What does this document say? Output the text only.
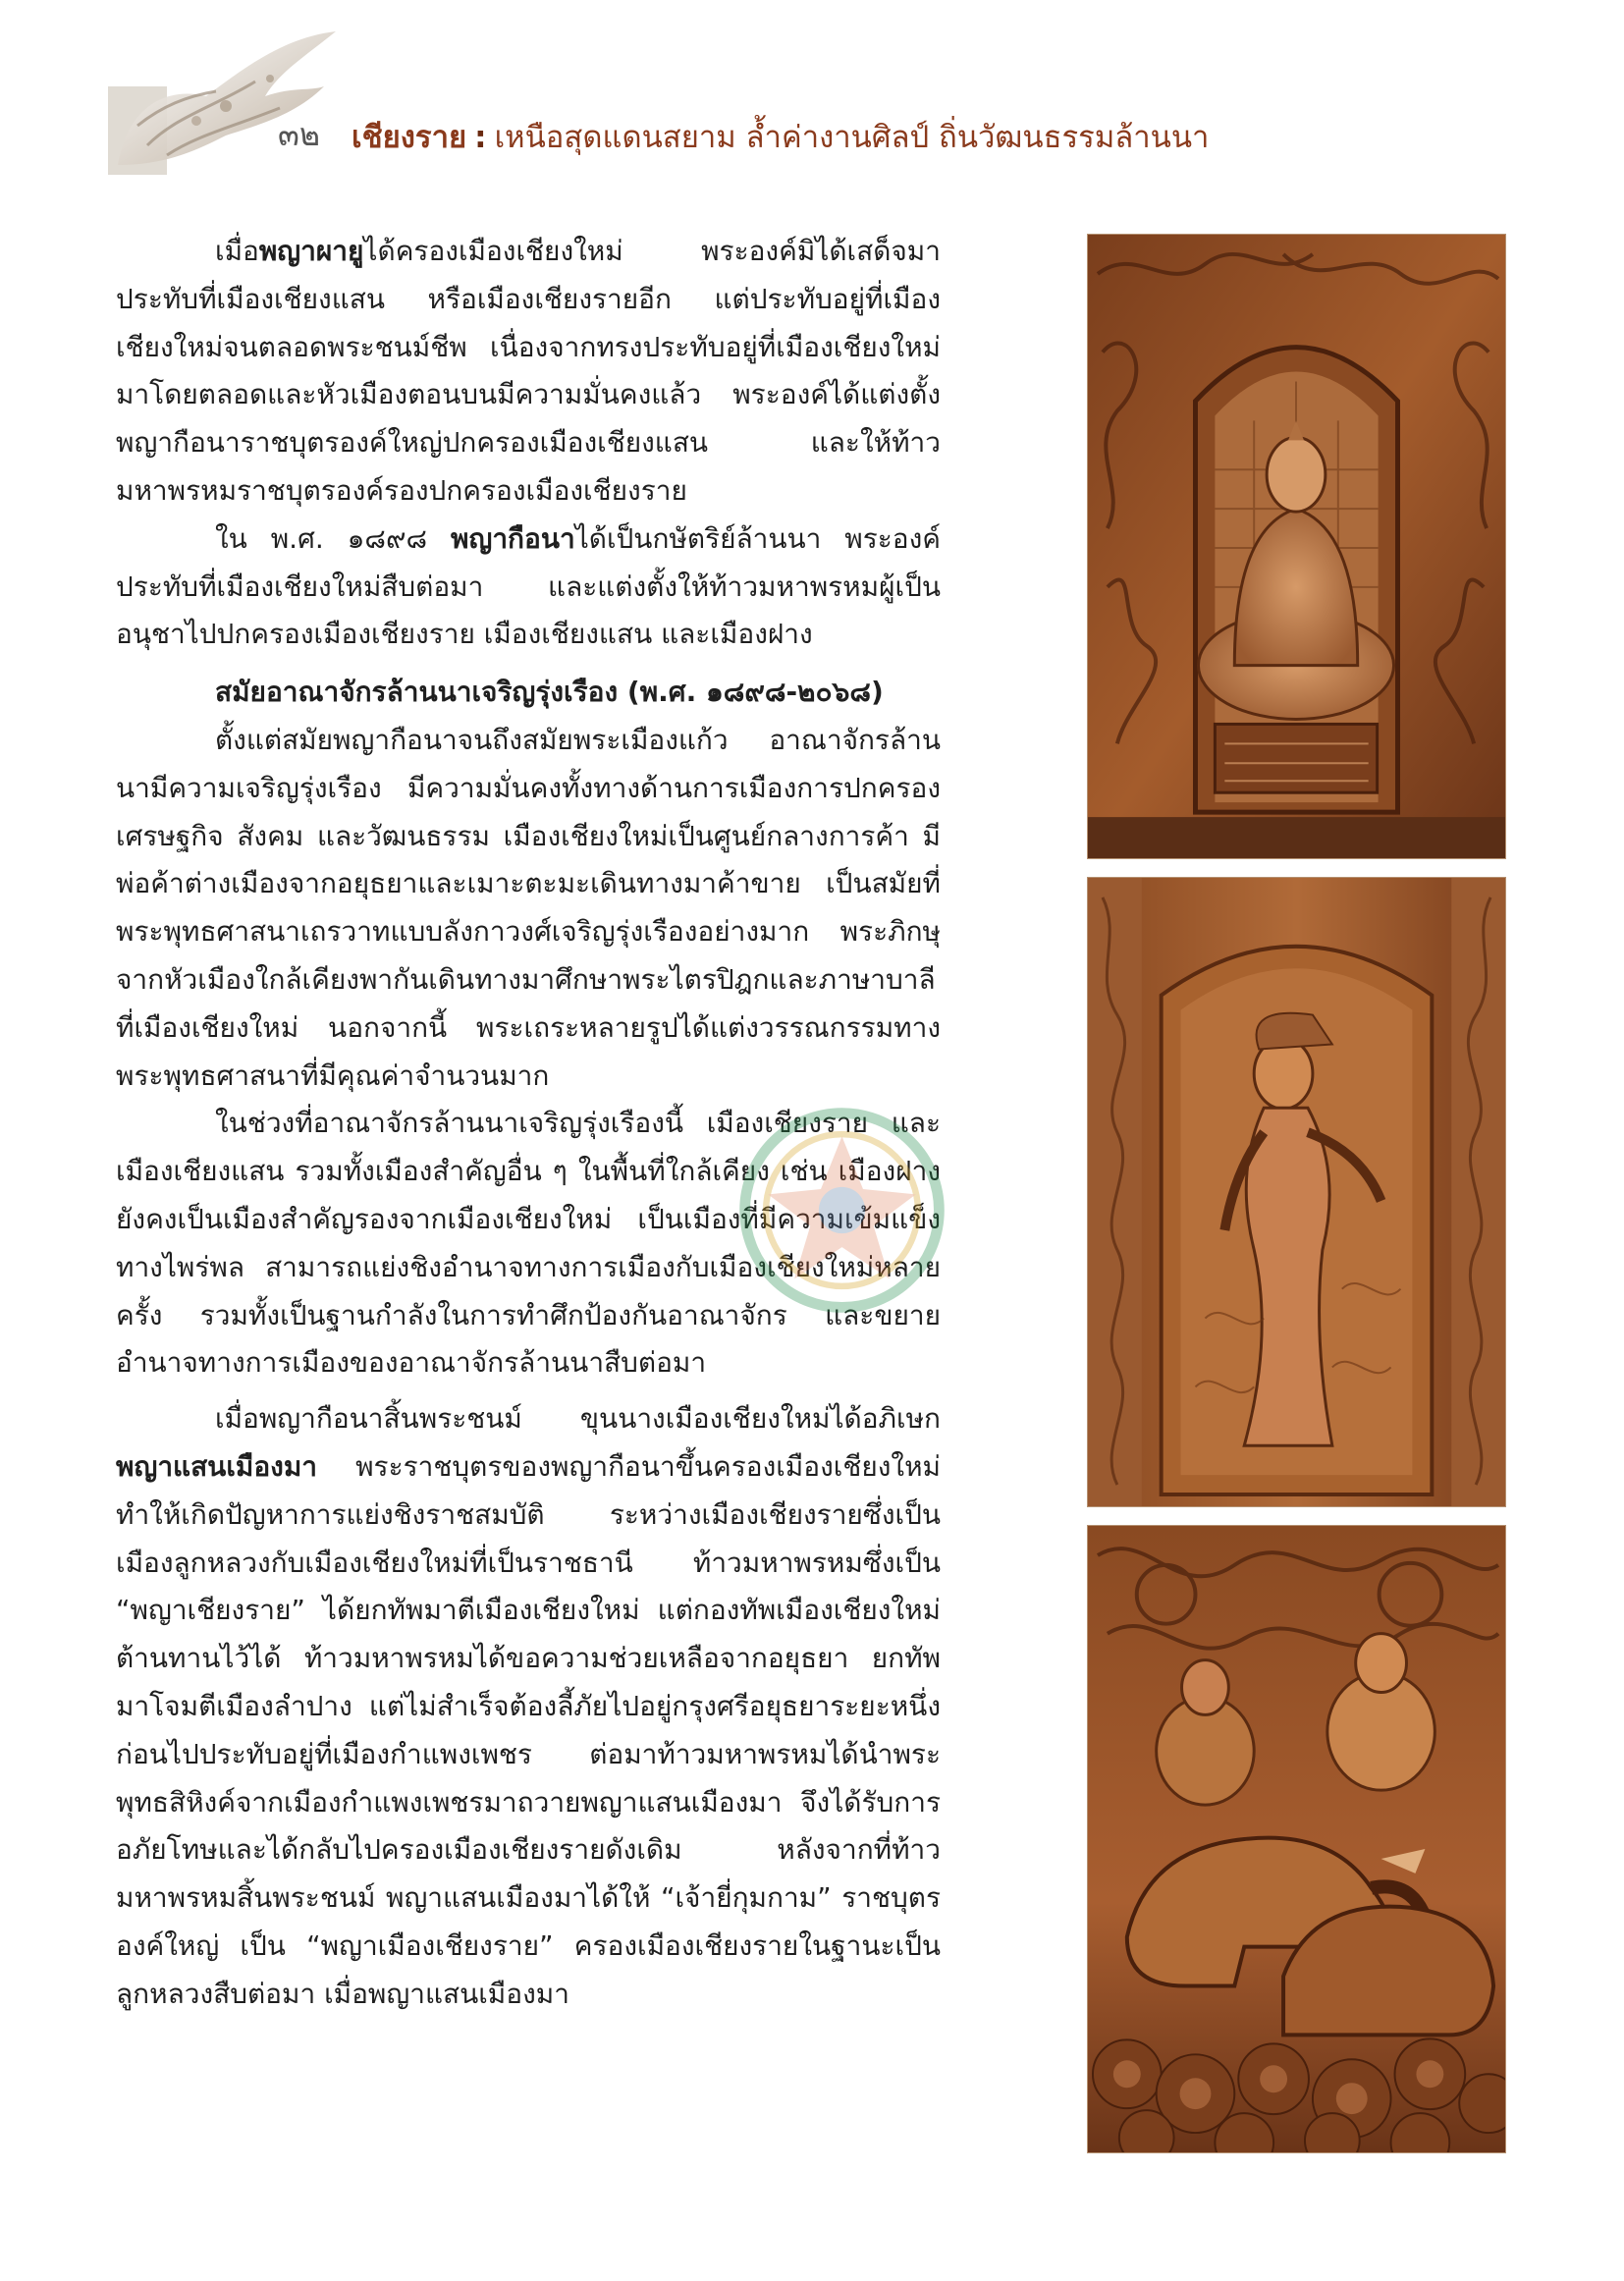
๓๒ เชียงราย : เหนือสุดแดนสยาม ล้ำค่างานศิลป์ ถิ่นวัฒนธรรมล้านนา

เมื่อพญาผายูได้ครองเมืองเชียงใหม่ พระองค์มิได้เสด็จมาประทับที่เมืองเชียงแสน หรือเมืองเชียงรายอีก แต่ประทับอยู่ที่เมืองเชียงใหม่จนตลอดพระชนม์ชีพ เนื่องจากทรงประทับอยู่ที่เมืองเชียงใหม่มาโดยตลอดและหัวเมืองตอนบนมีความมั่นคงแล้ว พระองค์ได้แต่งตั้งพญากือนาราชบุตรองค์ใหญ่ปกครองเมืองเชียงแสน และให้ท้าวมหาพรหมราชบุตรองค์รองปกครองเมืองเชียงราย

ใน พ.ศ. ๑๘๙๘ พญากือนาได้เป็นกษัตริย์ล้านนา พระองค์ประทับที่เมืองเชียงใหม่สืบต่อมา และแต่งตั้งให้ท้าวมหาพรหมผู้เป็นอนุชาไปปกครองเมืองเชียงราย เมืองเชียงแสน และเมืองฝาง

สมัยอาณาจักรล้านนาเจริญรุ่งเรือง (พ.ศ. ๑๘๙๘-๒๐๖๘)

ตั้งแต่สมัยพญากือนาจนถึงสมัยพระเมืองแก้ว อาณาจักรล้านนามีความเจริญรุ่งเรือง มีความมั่นคงทั้งทางด้านการเมืองการปกครอง เศรษฐกิจ สังคม และวัฒนธรรม เมืองเชียงใหม่เป็นศูนย์กลางการค้า มีพ่อค้าต่างเมืองจากอยุธยาและเมาะตะมะเดินทางมาค้าขาย เป็นสมัยที่พระพุทธศาสนาเถรวาทแบบลังกาวงศ์เจริญรุ่งเรืองอย่างมาก พระภิกษุจากหัวเมืองใกล้เคียงพากันเดินทางมาศึกษาพระไตรปิฎกและภาษาบาลีที่เมืองเชียงใหม่ นอกจากนี้ พระเถระหลายรูปได้แต่งวรรณกรรมทางพระพุทธศาสนาที่มีคุณค่าจำนวนมาก

ในช่วงที่อาณาจักรล้านนาเจริญรุ่งเรืองนี้ เมืองเชียงราย และเมืองเชียงแสน รวมทั้งเมืองสำคัญอื่น ๆ ในพื้นที่ใกล้เคียง เช่น เมืองฝาง ยังคงเป็นเมืองสำคัญรองจากเมืองเชียงใหม่ เป็นเมืองที่มีความเข้มแข็งทางไพร่พล สามารถแย่งชิงอำนาจทางการเมืองกับเมืองเชียงใหม่หลายครั้ง รวมทั้งเป็นฐานกำลังในการทำศึกป้องกันอาณาจักร และขยายอำนาจทางการเมืองของอาณาจักรล้านนาสืบต่อมา

เมื่อพญากือนาสิ้นพระชนม์ ขุนนางเมืองเชียงใหม่ได้อภิเษก พญาแสนเมืองมา พระราชบุตรของพญากือนาขึ้นครองเมืองเชียงใหม่ ทำให้เกิดปัญหาการแย่งชิงราชสมบัติ ระหว่างเมืองเชียงรายซึ่งเป็นเมืองลูกหลวงกับเมืองเชียงใหม่ที่เป็นราชธานี ท้าวมหาพรหมซึ่งเป็น “พญาเชียงราย” ได้ยกทัพมาตีเมืองเชียงใหม่ แต่กองทัพเมืองเชียงใหม่ต้านทานไว้ได้ ท้าวมหาพรหมได้ขอความช่วยเหลือจากอยุธยา ยกทัพมาโจมตีเมืองลำปาง แต่ไม่สำเร็จต้องลี้ภัยไปอยู่กรุงศรีอยุธยาระยะหนึ่ง ก่อนไปประทับอยู่ที่เมืองกำแพงเพชร ต่อมาท้าวมหาพรหมได้นำพระพุทธสิหิงค์จากเมืองกำแพงเพชรมาถวายพญาแสนเมืองมา จึงได้รับการอภัยโทษและได้กลับไปครองเมืองเชียงรายดังเดิม หลังจากที่ท้าวมหาพรหมสิ้นพระชนม์ พญาแสนเมืองมาได้ให้ “เจ้ายี่กุมกาม” ราชบุตรองค์ใหญ่ เป็น “พญาเมืองเชียงราย” ครองเมืองเชียงรายในฐานะเป็นลูกหลวงสืบต่อมา เมื่อพญาแสนเมืองมา
